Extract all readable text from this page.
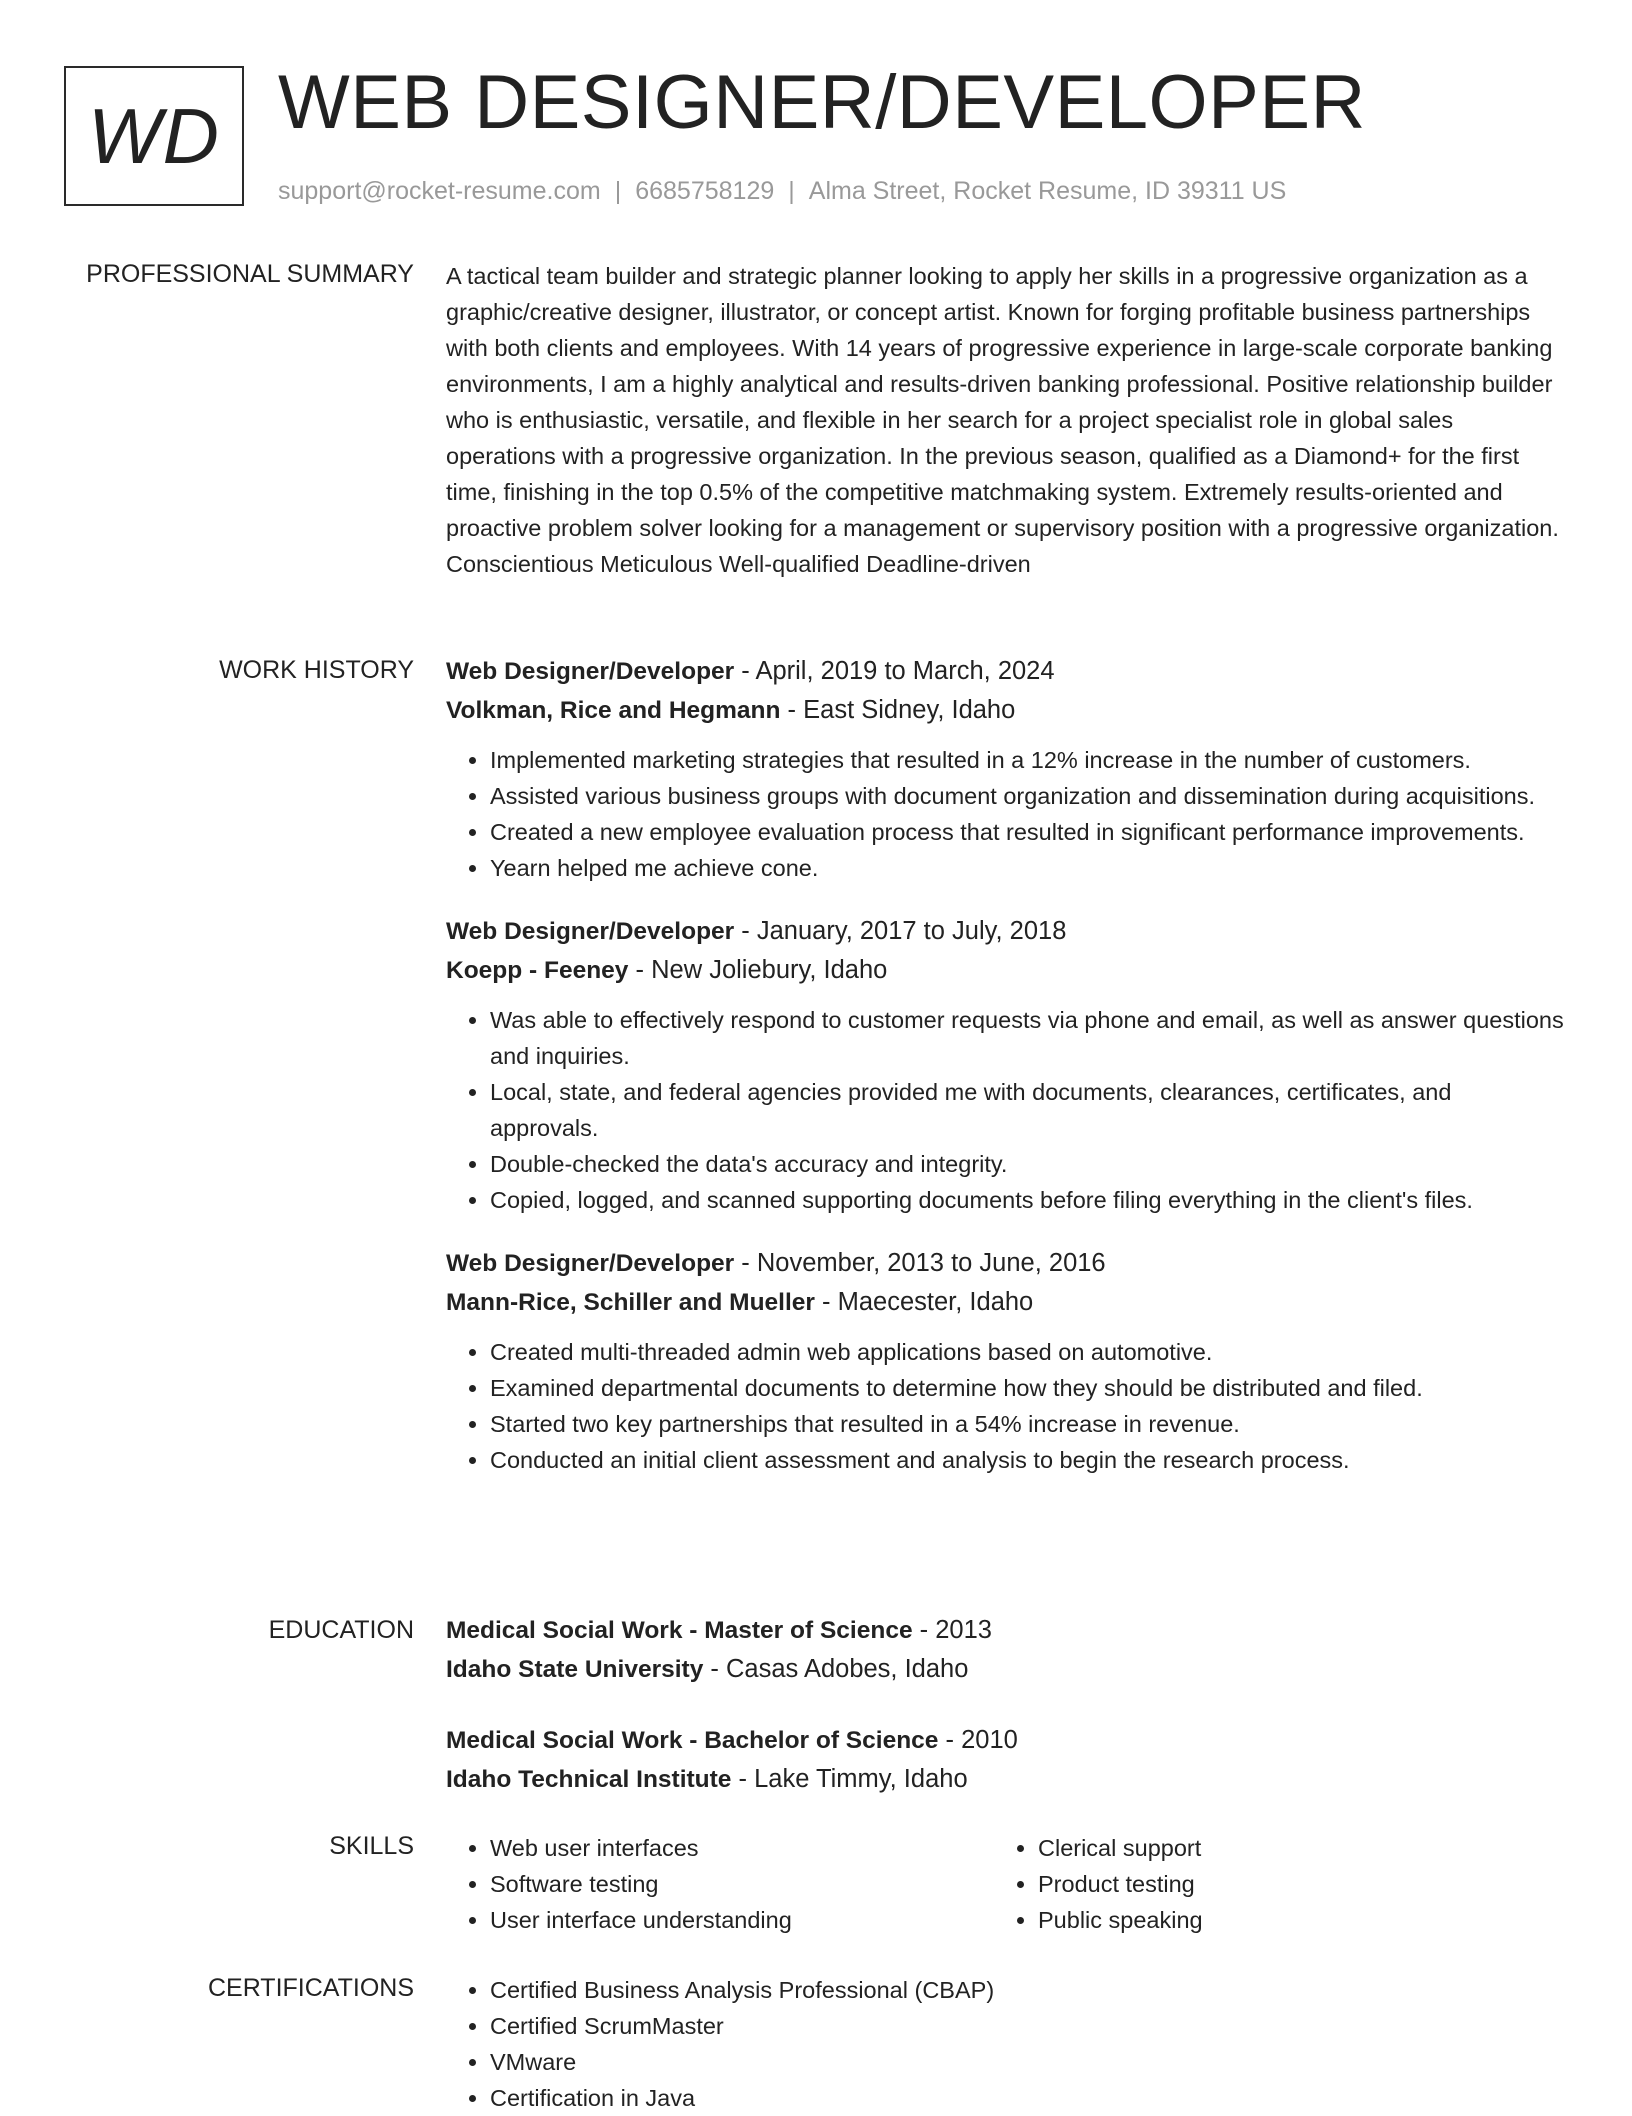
WD WEB DESIGNER/DEVELOPER
support@rocket-resume.com | 6685758129 | Alma Street, Rocket Resume, ID 39311 US
PROFESSIONAL SUMMARY A tactical team builder and strategic planner looking to apply her skills in a progressive organization as a graphic/creative designer, illustrator, or concept artist. Known for forging profitable business partnerships with both clients and employees. With 14 years of progressive experience in large-scale corporate banking environments, I am a highly analytical and results-driven banking professional. Positive relationship builder who is enthusiastic, versatile, and flexible in her search for a project specialist role in global sales operations with a progressive organization. In the previous season, qualified as a Diamond+ for the first time, finishing in the top 0.5% of the competitive matchmaking system. Extremely results-oriented and proactive problem solver looking for a management or supervisory position with a progressive organization. Conscientious Meticulous Well-qualified Deadline-driven

WORK HISTORY Web Designer/Developer - April, 2019 to March, 2024
Volkman, Rice and Hegmann - East Sidney, Idaho
• Implemented marketing strategies that resulted in a 12% increase in the number of customers.
• Assisted various business groups with document organization and dissemination during acquisitions.
• Created a new employee evaluation process that resulted in significant performance improvements.
• Yearn helped me achieve cone.
Web Designer/Developer - January, 2017 to July, 2018
Koepp - Feeney - New Joliebury, Idaho
• Was able to effectively respond to customer requests via phone and email, as well as answer questions and inquiries.
• Local, state, and federal agencies provided me with documents, clearances, certificates, and approvals.
• Double-checked the data's accuracy and integrity.
• Copied, logged, and scanned supporting documents before filing everything in the client's files.
Web Designer/Developer - November, 2013 to June, 2016
Mann-Rice, Schiller and Mueller - Maecester, Idaho
• Created multi-threaded admin web applications based on automotive.
• Examined departmental documents to determine how they should be distributed and filed.
• Started two key partnerships that resulted in a 54% increase in revenue.
• Conducted an initial client assessment and analysis to begin the research process.
EDUCATION Medical Social Work - Master of Science - 2013
Idaho State University - Casas Adobes, Idaho
Medical Social Work - Bachelor of Science - 2010
Idaho Technical Institute - Lake Timmy, Idaho
SKILLS	• Web user interfaces
• Software testing
• User interface understanding
• Clerical support
• Product testing
• Public speaking
CERTIFICATIONS	• Certified Business Analysis Professional (CBAP)
• Certified ScrumMaster
• VMware
• Certification in Java
